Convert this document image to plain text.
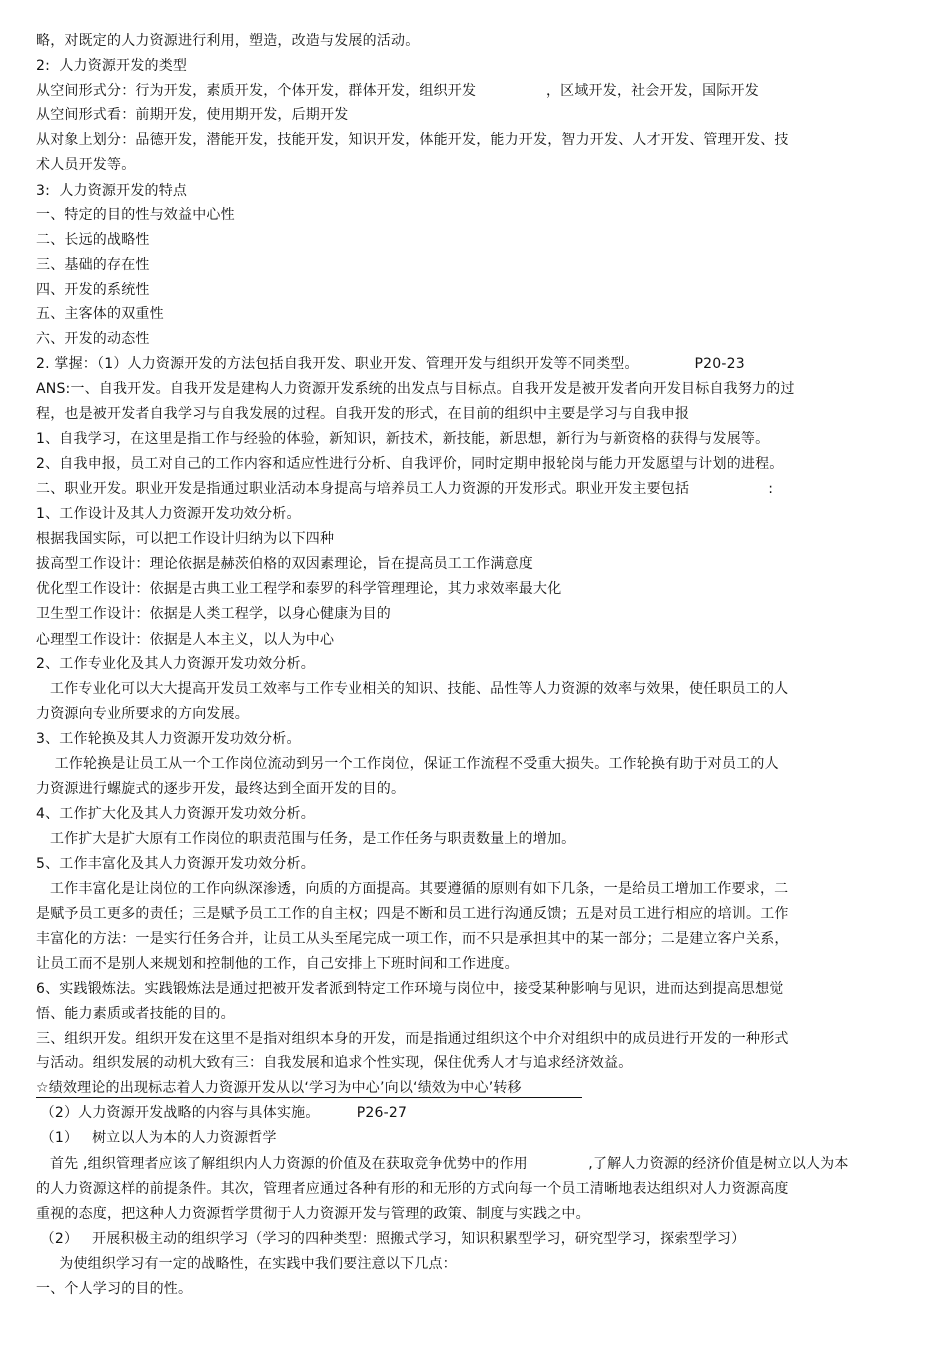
略，对既定的人力资源进行利用，塑造，改造与发展的活动。
2:  人力资源开发的类型
从空间形式分：行为开发，素质开发，个体开发，群体开发，组织开发               ，区域开发，社会开发，国际开发
从空间形式看：前期开发，使用期开发，后期开发
从对象上划分：品德开发，潜能开发，技能开发，知识开发，体能开发，能力开发，智力开发、人才开发、管理开发、技
术人员开发等。
3:  人力资源开发的特点
一、特定的目的性与效益中心性
二、长远的战略性
三、基础的存在性
四、开发的系统性
五、主客体的双重性
六、开发的动态性
2. 掌握：（1）人力资源开发的方法包括自我开发、职业开发、管理开发与组织开发等不同类型。            P20-23
ANS:一、自我开发。自我开发是建构人力资源开发系统的出发点与目标点。自我开发是被开发者向开发目标自我努力的过
程，也是被开发者自我学习与自我发展的过程。自我开发的形式，在目前的组织中主要是学习与自我申报
1、自我学习，在这里是指工作与经验的体验，新知识，新技术，新技能，新思想，新行为与新资格的获得与发展等。
2、自我申报，员工对自己的工作内容和适应性进行分析、自我评价，同时定期申报轮岗与能力开发愿望与计划的进程。
二、职业开发。职业开发是指通过职业活动本身提高与培养员工人力资源的开发形式。职业开发主要包括                 :
1、工作设计及其人力资源开发功效分析。
根据我国实际，可以把工作设计归纳为以下四种
拔高型工作设计：理论依据是赫茨伯格的双因素理论，旨在提高员工工作满意度
优化型工作设计：依据是古典工业工程学和泰罗的科学管理理论，其力求效率最大化
卫生型工作设计：依据是人类工程学，以身心健康为目的
心理型工作设计：依据是人本主义，以人为中心
2、工作专业化及其人力资源开发功效分析。
工作专业化可以大大提高开发员工效率与工作专业相关的知识、技能、品性等人力资源的效率与效果，使任职员工的人
力资源向专业所要求的方向发展。
3、工作轮换及其人力资源开发功效分析。
工作轮换是让员工从一个工作岗位流动到另一个工作岗位，保证工作流程不受重大损失。工作轮换有助于对员工的人
力资源进行螺旋式的逐步开发，最终达到全面开发的目的。
4、工作扩大化及其人力资源开发功效分析。
工作扩大是扩大原有工作岗位的职责范围与任务，是工作任务与职责数量上的增加。
5、工作丰富化及其人力资源开发功效分析。
工作丰富化是让岗位的工作向纵深渗透，向质的方面提高。其要遵循的原则有如下几条，一是给员工增加工作要求，二
是赋予员工更多的责任；三是赋予员工工作的自主权；四是不断和员工进行沟通反馈；五是对员工进行相应的培训。工作
丰富化的方法：一是实行任务合并，让员工从头至尾完成一项工作，而不只是承担其中的某一部分；二是建立客户关系，
让员工而不是别人来规划和控制他的工作，自己安排上下班时间和工作进度。
6、实践锻炼法。实践锻炼法是通过把被开发者派到特定工作环境与岗位中，接受某种影响与见识，进而达到提高思想觉
悟、能力素质或者技能的目的。
三、组织开发。组织开发在这里不是指对组织本身的开发，而是指通过组织这个中介对组织中的成员进行开发的一种形式
与活动。组织发展的动机大致有三：自我发展和追求个性实现，保住优秀人才与追求经济效益。
☆绩效理论的出现标志着人力资源开发从以‘学习为中心’向以‘绩效为中心’转移
（2）人力资源开发战略的内容与具体实施。        P26-27
（1）   树立以人为本的人力资源哲学
首先 ,组织管理者应该了解组织内人力资源的价值及在获取竞争优势中的作用             ,了解人力资源的经济价值是树立以人为本
的人力资源这样的前提条件。其次，管理者应通过各种有形的和无形的方式向每一个员工清晰地表达组织对人力资源高度
重视的态度，把这种人力资源哲学贯彻于人力资源开发与管理的政策、制度与实践之中。
（2）   开展积极主动的组织学习（学习的四种类型：照搬式学习，知识积累型学习，研究型学习，探索型学习）
为使组织学习有一定的战略性，在实践中我们要注意以下几点：
一、个人学习的目的性。
